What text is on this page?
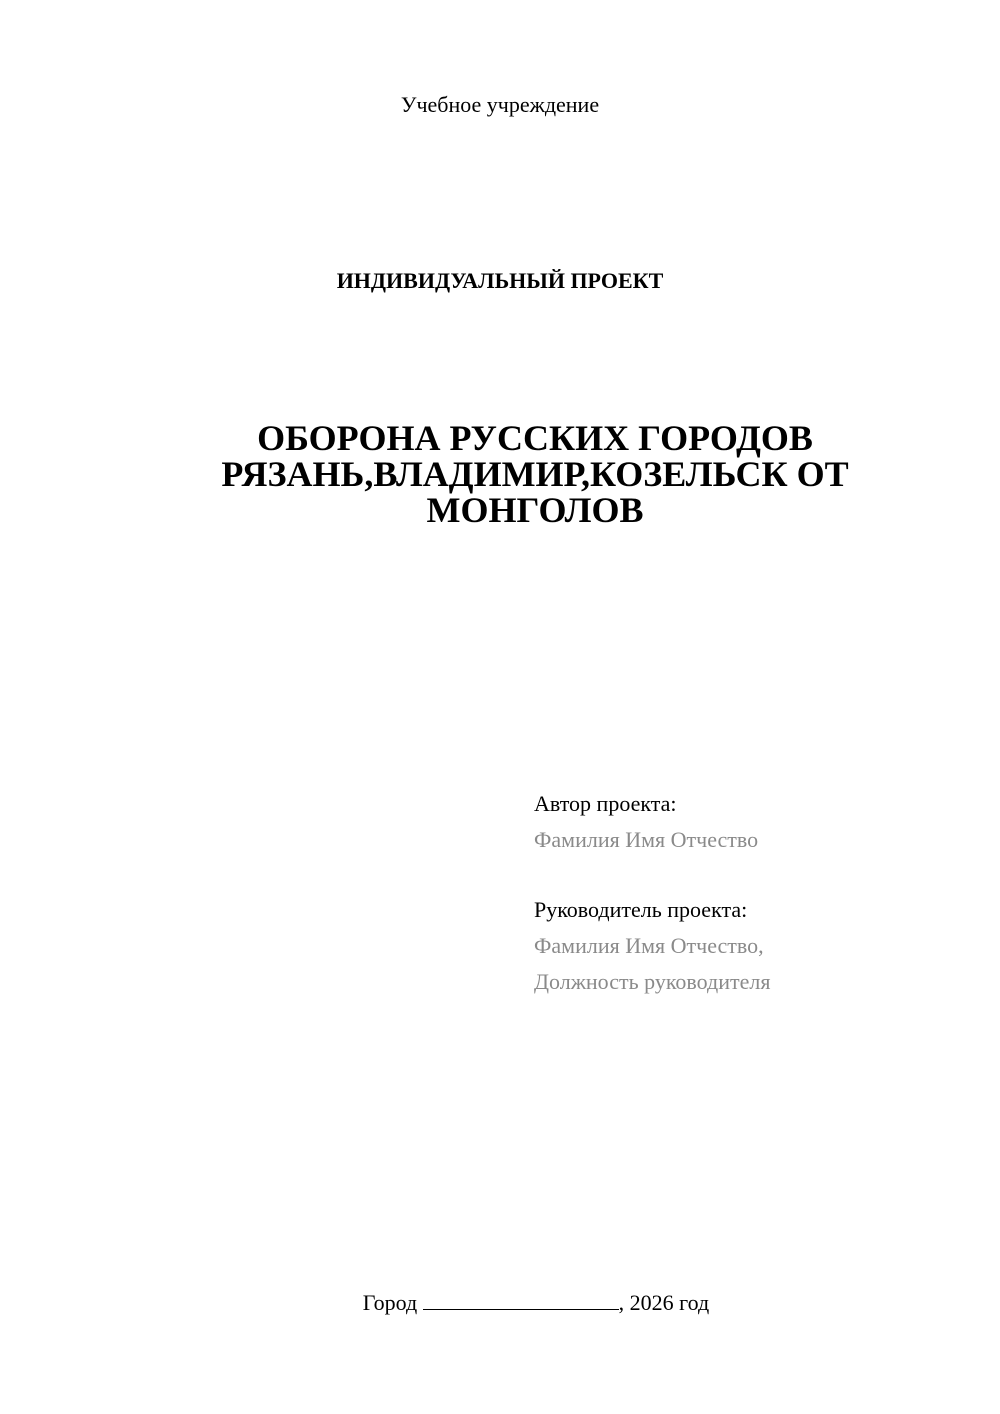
Учебное учреждение
ИНДИВИДУАЛЬНЫЙ ПРОЕКТ
ОБОРОНА РУССКИХ ГОРОДОВ
РЯЗАНЬ,ВЛАДИМИР,КОЗЕЛЬСК ОТ
МОНГОЛОВ
Автор проекта:
Фамилия Имя Отчество
Руководитель проекта:
Фамилия Имя Отчество,
Должность руководителя
Город	, 2026 год
